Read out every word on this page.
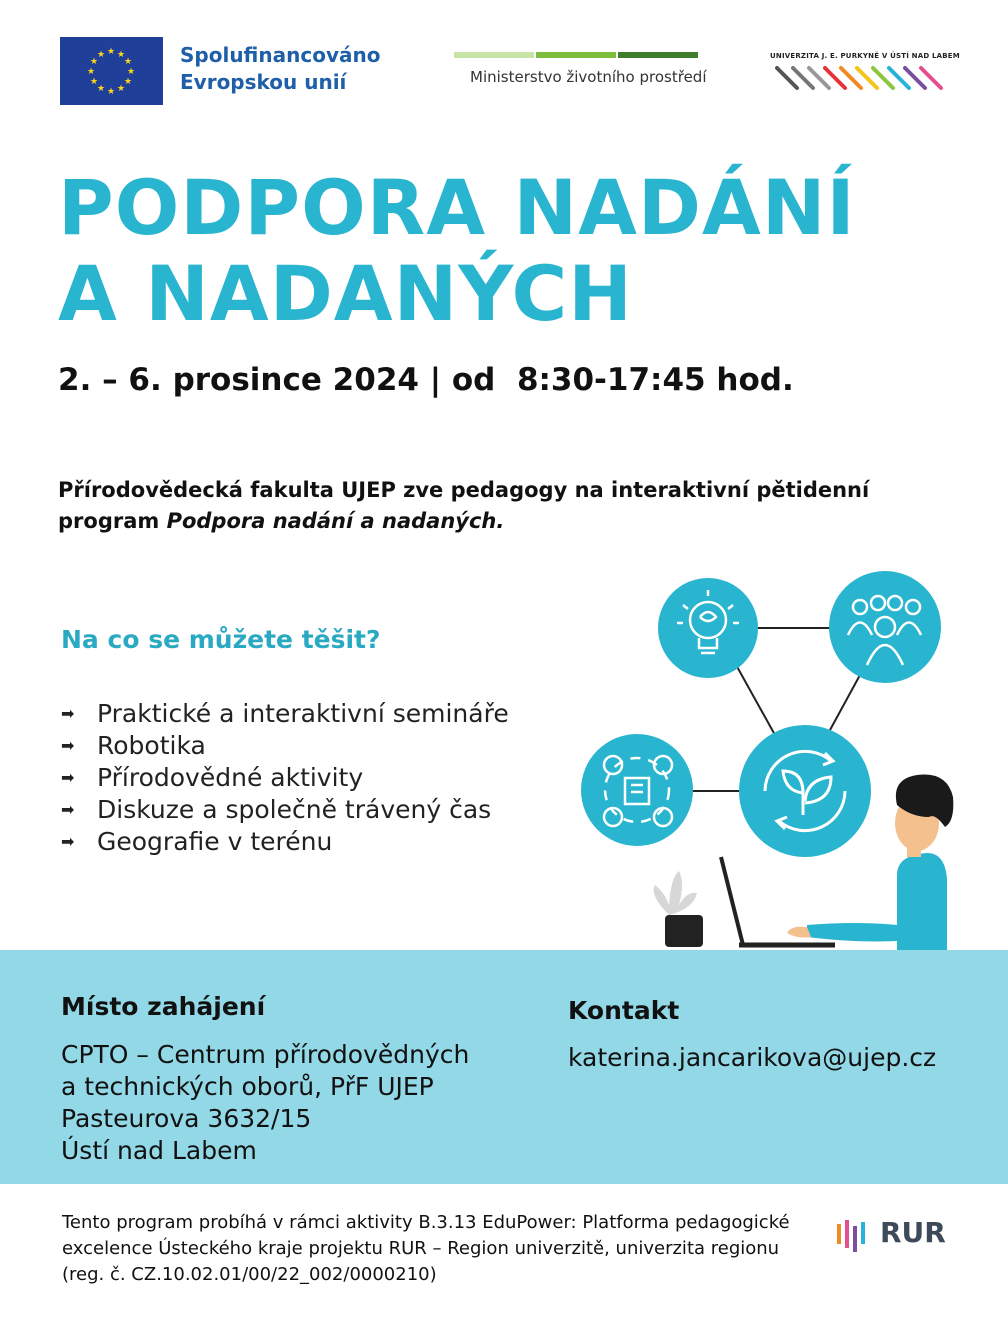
★ ★
★
★
★
★
★
★
★
★
★
★	Spolufinancováno
Evropskou unií	Ministerstvo životního prostředí
UNIVERZITA J. E. PURKYNĚ V ÚSTÍ NAD LABEM
PODPORA NADÁNÍ
A NADANÝCH
2. – 6. prosince 2024 | od  8:30-17:45 hod.
Přírodovědecká fakulta UJEP zve pedagogy na interaktivní pětidenní program Podpora nadání a nadaných.
Na co se můžete těšit?
➡ Praktické a interaktivní semináře
➡ Robotika
➡ Přírodovědné aktivity
➡ Diskuze a společně trávený čas
➡ Geografie v terénu
Místo zahájení
CPTO – Centrum přírodovědných
a technických oborů, PřF UJEP
Pasteurova 3632/15
Ústí nad Labem
Kontakt
katerina.jancarikova@ujep.cz
Tento program probíhá v rámci aktivity B.3.13 EduPower: Platforma pedagogické excelence Ústeckého kraje projektu RUR – Region univerzitě, univerzita regionu (reg. č. CZ.10.02.01/00/22_002/0000210)
RUR
